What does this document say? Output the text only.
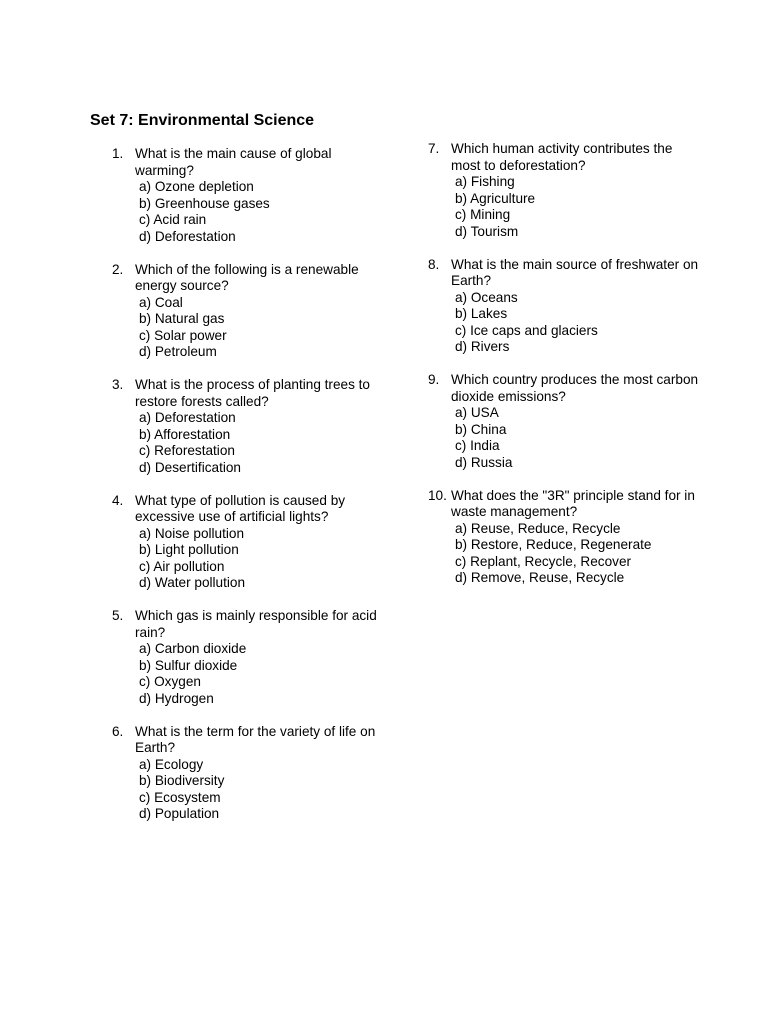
Set 7: Environmental Science
1. What is the main cause of global warming?
a) Ozone depletion
b) Greenhouse gases
c) Acid rain
d) Deforestation
2. Which of the following is a renewable energy source?
a) Coal
b) Natural gas
c) Solar power
d) Petroleum
3. What is the process of planting trees to restore forests called?
a) Deforestation
b) Afforestation
c) Reforestation
d) Desertification
4. What type of pollution is caused by excessive use of artificial lights?
a) Noise pollution
b) Light pollution
c) Air pollution
d) Water pollution
5. Which gas is mainly responsible for acid rain?
a) Carbon dioxide
b) Sulfur dioxide
c) Oxygen
d) Hydrogen
6. What is the term for the variety of life on Earth?
a) Ecology
b) Biodiversity
c) Ecosystem
d) Population
7. Which human activity contributes the most to deforestation?
a) Fishing
b) Agriculture
c) Mining
d) Tourism
8. What is the main source of freshwater on Earth?
a) Oceans
b) Lakes
c) Ice caps and glaciers
d) Rivers
9. Which country produces the most carbon dioxide emissions?
a) USA
b) China
c) India
d) Russia
10. What does the "3R" principle stand for in waste management?
a) Reuse, Reduce, Recycle
b) Restore, Reduce, Regenerate
c) Replant, Recycle, Recover
d) Remove, Reuse, Recycle
